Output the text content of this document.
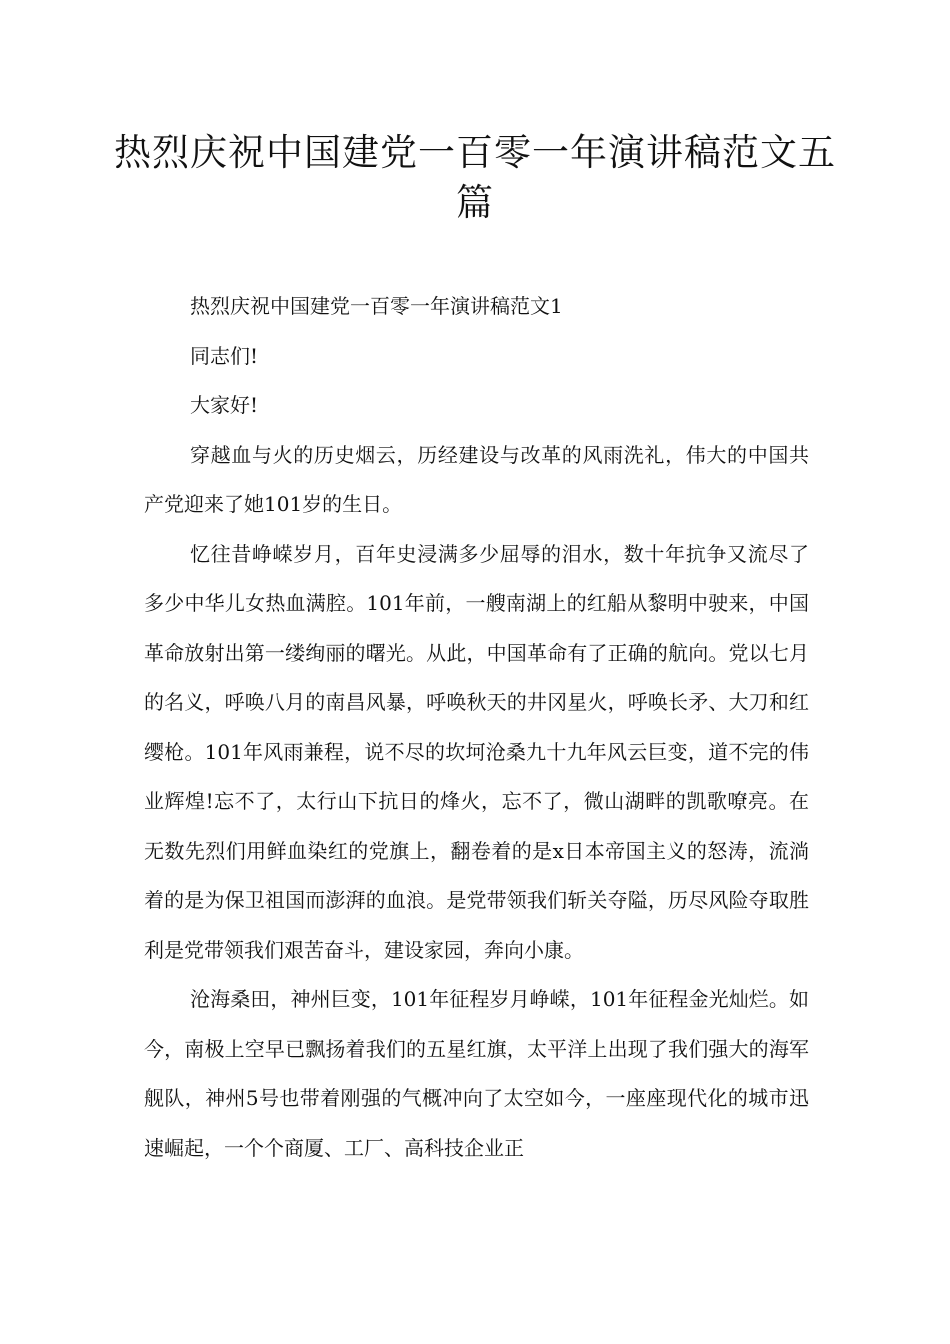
热烈庆祝中国建党一百零一年演讲稿范文五篇

热烈庆祝中国建党一百零一年演讲稿范文1

同志们!

大家好!

穿越血与火的历史烟云，历经建设与改革的风雨洗礼，伟大的中国共产党迎来了她101岁的生日。

忆往昔峥嵘岁月，百年史浸满多少屈辱的泪水，数十年抗争又流尽了多少中华儿女热血满腔。101年前，一艘南湖上的红船从黎明中驶来，中国革命放射出第一缕绚丽的曙光。从此，中国革命有了正确的航向。党以七月的名义，呼唤八月的南昌风暴，呼唤秋天的井冈星火，呼唤长矛、大刀和红缨枪。101年风雨兼程，说不尽的坎坷沧桑九十九年风云巨变，道不完的伟业辉煌!忘不了，太行山下抗日的烽火，忘不了，微山湖畔的凯歌嘹亮。在无数先烈们用鲜血染红的党旗上，翻卷着的是x日本帝国主义的怒涛，流淌着的是为保卫祖国而澎湃的血浪。是党带领我们斩关夺隘，历尽风险夺取胜利是党带领我们艰苦奋斗，建设家园，奔向小康。

沧海桑田，神州巨变，101年征程岁月峥嵘，101年征程金光灿烂。如今，南极上空早已飘扬着我们的五星红旗，太平洋上出现了我们强大的海军舰队，神州5号也带着刚强的气概冲向了太空如今，一座座现代化的城市迅速崛起，一个个商厦、工厂、高科技企业正
